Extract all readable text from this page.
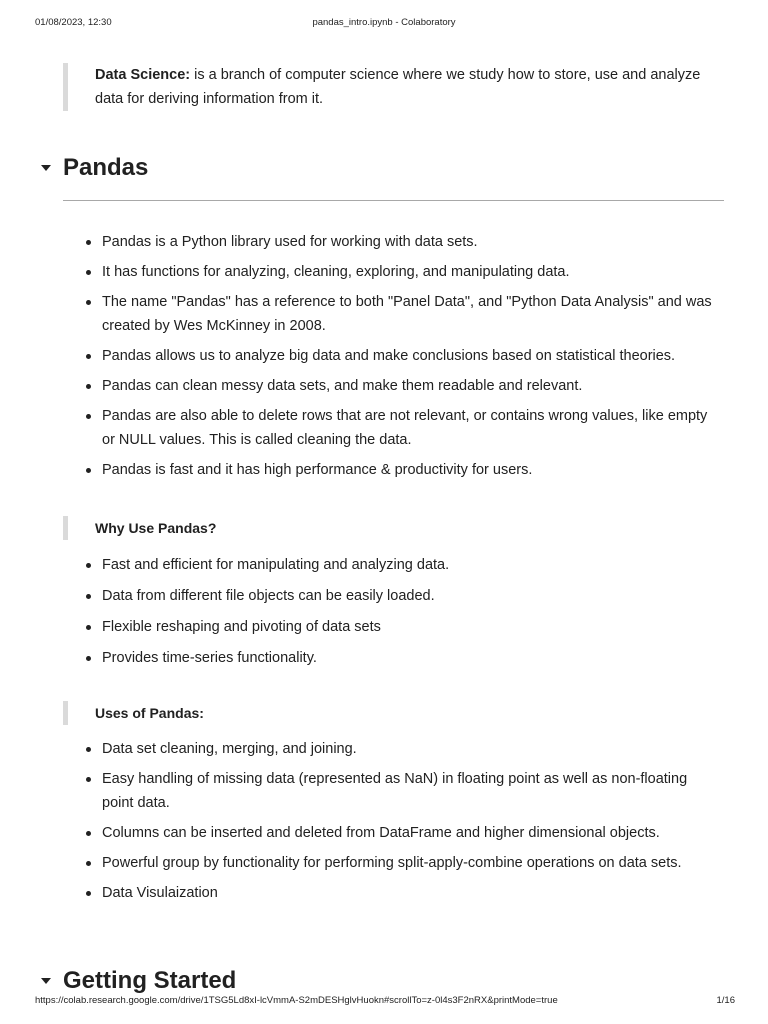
01/08/2023, 12:30	pandas_intro.ipynb - Colaboratory
Data Science: is a branch of computer science where we study how to store, use and analyze data for deriving information from it.
Pandas
Pandas is a Python library used for working with data sets.
It has functions for analyzing, cleaning, exploring, and manipulating data.
The name "Pandas" has a reference to both "Panel Data", and "Python Data Analysis" and was created by Wes McKinney in 2008.
Pandas allows us to analyze big data and make conclusions based on statistical theories.
Pandas can clean messy data sets, and make them readable and relevant.
Pandas are also able to delete rows that are not relevant, or contains wrong values, like empty or NULL values. This is called cleaning the data.
Pandas is fast and it has high performance & productivity for users.
Why Use Pandas?
Fast and efficient for manipulating and analyzing data.
Data from different file objects can be easily loaded.
Flexible reshaping and pivoting of data sets
Provides time-series functionality.
Uses of Pandas:
Data set cleaning, merging, and joining.
Easy handling of missing data (represented as NaN) in floating point as well as non-floating point data.
Columns can be inserted and deleted from DataFrame and higher dimensional objects.
Powerful group by functionality for performing split-apply-combine operations on data sets.
Data Visulaization
Getting Started
https://colab.research.google.com/drive/1TSG5Ld8xI-lcVmmA-S2mDESHglvHuokn#scrollTo=z-0l4s3F2nRX&printMode=true	1/16
